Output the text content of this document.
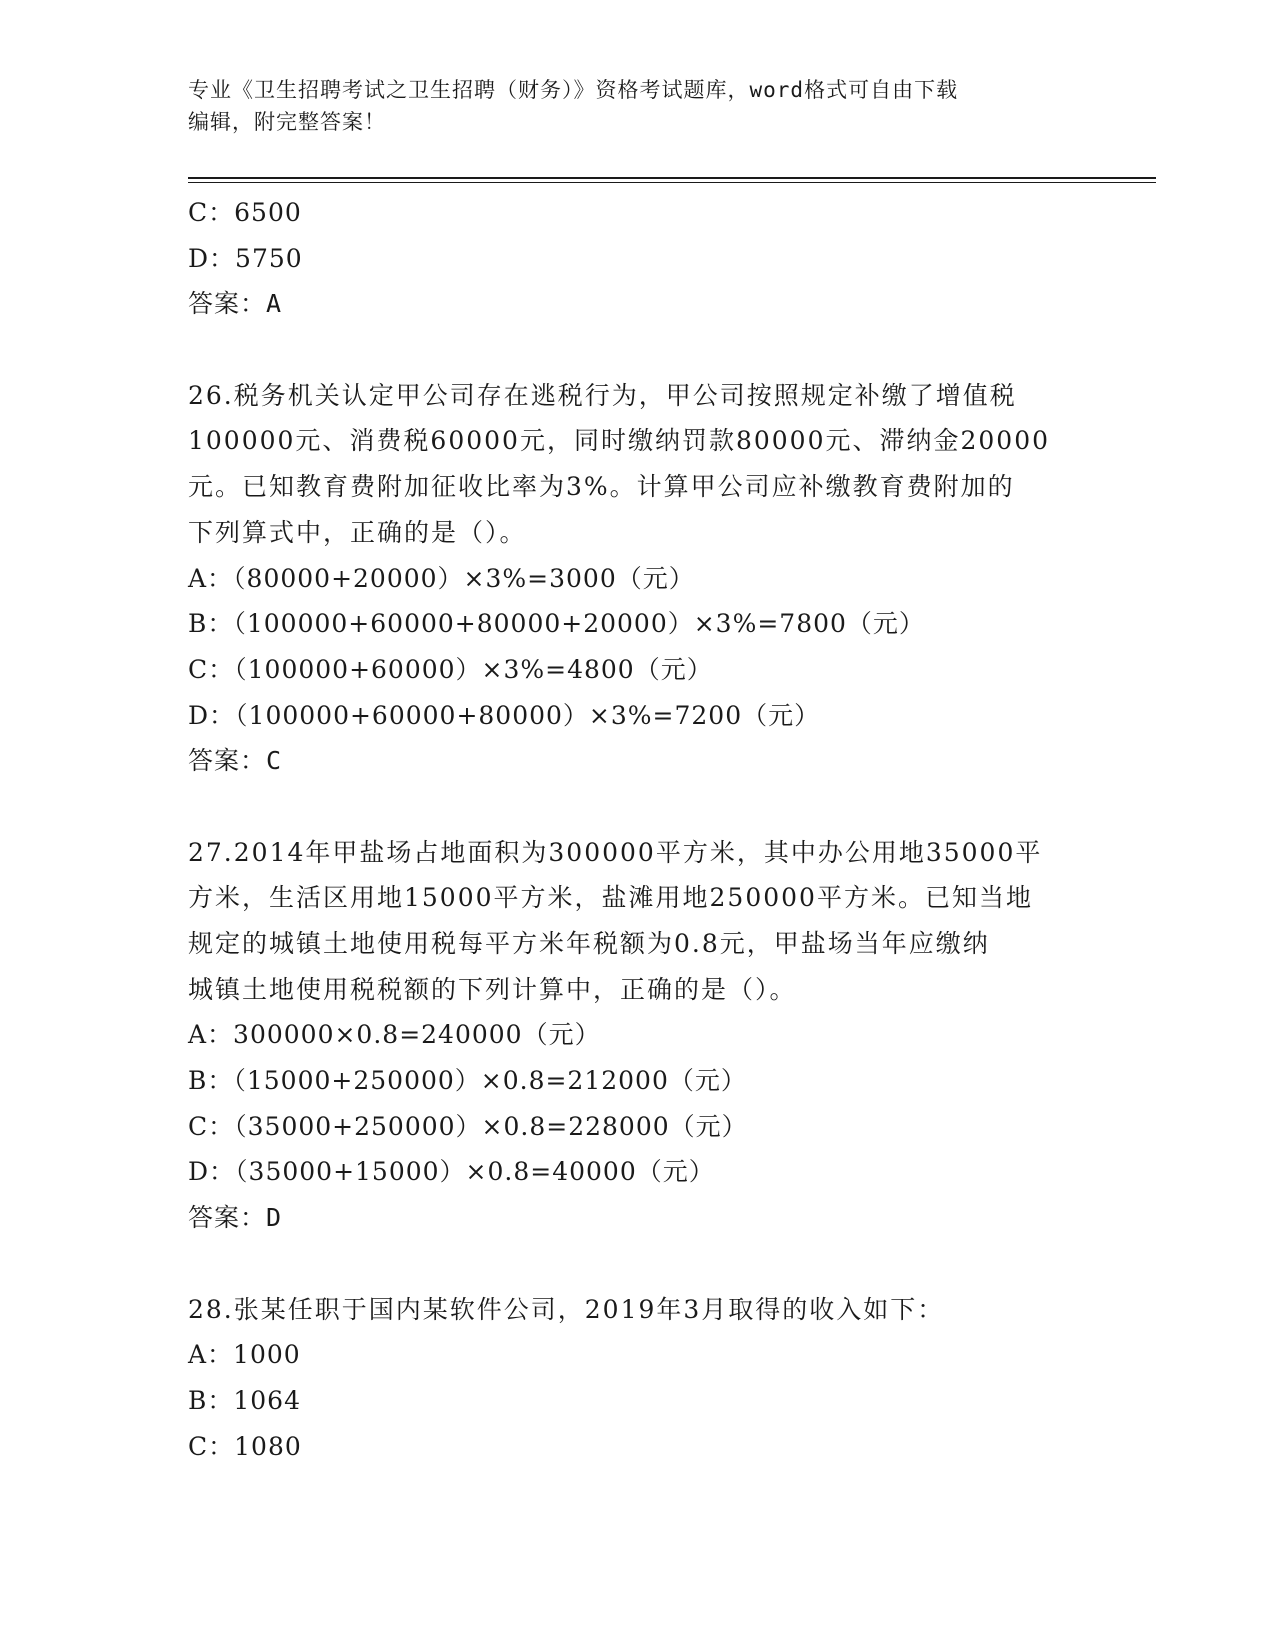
专业《卫生招聘考试之卫生招聘（财务）》资格考试题库，word格式可自由下载
编辑，附完整答案！
C：6500
D：5750
答案：A
26.税务机关认定甲公司存在逃税行为，甲公司按照规定补缴了增值税
100000元、消费税60000元，同时缴纳罚款80000元、滞纳金20000
元。已知教育费附加征收比率为3%。计算甲公司应补缴教育费附加的
下列算式中，正确的是（）。
A：（80000+20000）×3%=3000（元）
B：（100000+60000+80000+20000）×3%=7800（元）
C：（100000+60000）×3%=4800（元）
D：（100000+60000+80000）×3%=7200（元）
答案：C
27.2014年甲盐场占地面积为300000平方米，其中办公用地35000平
方米，生活区用地15000平方米，盐滩用地250000平方米。已知当地
规定的城镇土地使用税每平方米年税额为0.8元，甲盐场当年应缴纳
城镇土地使用税税额的下列计算中，正确的是（）。
A：300000×0.8=240000（元）
B：（15000+250000）×0.8=212000（元）
C：（35000+250000）×0.8=228000（元）
D：（35000+15000）×0.8=40000（元）
答案：D
28.张某任职于国内某软件公司，2019年3月取得的收入如下：
A：1000
B：1064
C：1080
